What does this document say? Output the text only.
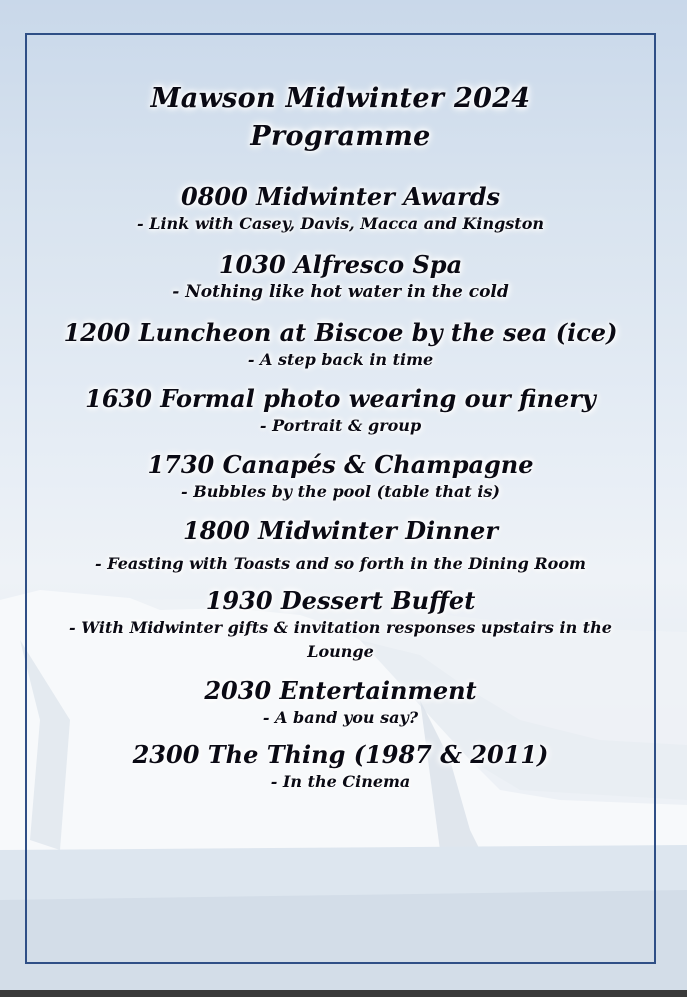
Mawson Midwinter 2024
Programme
0800 Midwinter Awards
- Link with Casey, Davis, Macca and Kingston
1030 Alfresco Spa
- Nothing like hot water in the cold
1200 Luncheon at Biscoe by the sea (ice)
- A step back in time
1630 Formal photo wearing our finery
- Portrait & group
1730 Canapés & Champagne
- Bubbles by the pool (table that is)
1800 Midwinter Dinner
- Feasting with Toasts and so forth in the Dining Room
1930 Dessert Buffet
- With Midwinter gifts & invitation responses upstairs in the Lounge
2030 Entertainment
- A band you say?
2300 The Thing (1987 & 2011)
- In the Cinema
